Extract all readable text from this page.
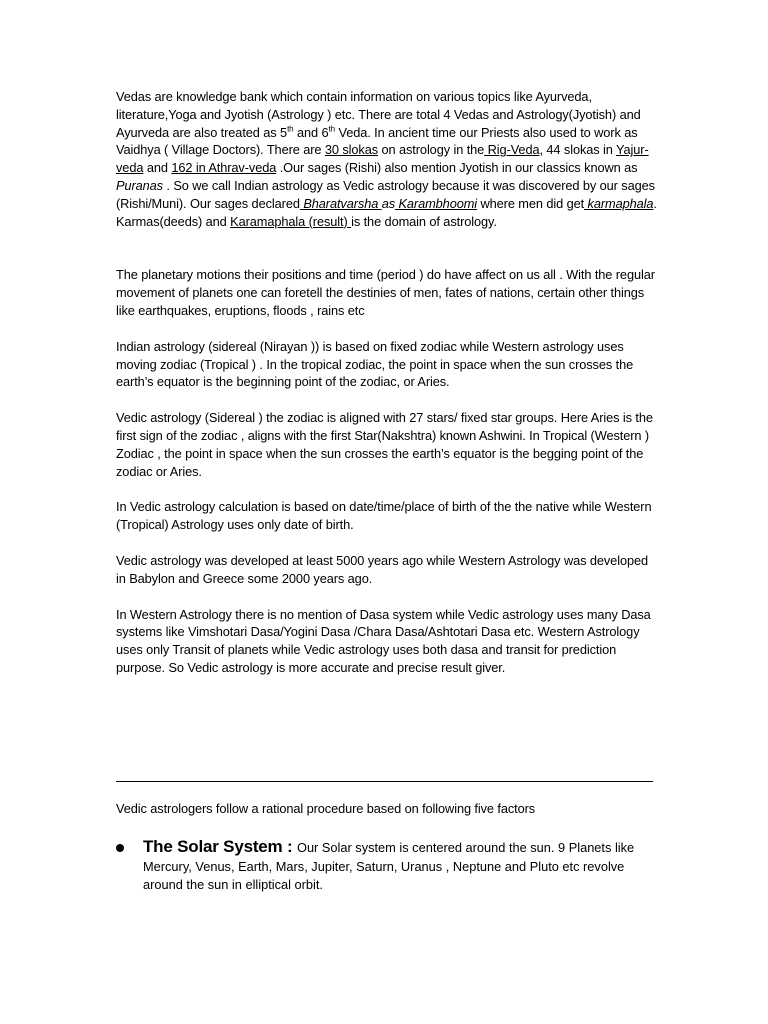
Vedas are knowledge bank which contain information on various topics like Ayurveda, literature,Yoga and Jyotish (Astrology ) etc. There are total 4 Vedas and Astrology(Jyotish) and Ayurveda are also treated as 5th and 6th Veda. In ancient time our Priests also used to work as Vaidhya ( Village Doctors). There are 30 slokas on astrology in the Rig-Veda, 44 slokas in Yajur-veda and 162 in Athrav-veda .Our sages (Rishi) also mention Jyotish in our classics known as Puranas . So we call Indian astrology as Vedic astrology because it was discovered by our sages (Rishi/Muni). Our sages declared Bharatvarsha as Karambhoomi where men did get karmaphala. Karmas(deeds) and Karamaphala (result) is the domain of astrology.

The planetary motions their positions and time (period ) do have affect on us all . With the regular movement of planets one can foretell the destinies of men, fates of nations, certain other things like earthquakes, eruptions, floods , rains etc

Indian astrology (sidereal (Nirayan )) is based on fixed zodiac while Western astrology uses moving zodiac (Tropical ) . In the tropical zodiac, the point in space when the sun crosses the earth’s equator is the beginning point of the zodiac, or Aries.

Vedic astrology (Sidereal ) the zodiac is aligned with 27 stars/ fixed star groups. Here Aries is the first sign of the zodiac , aligns with the first Star(Nakshtra) known Ashwini. In Tropical (Western ) Zodiac , the point in space when the sun crosses the earth’s equator is the begging point of the zodiac or Aries.

In Vedic astrology calculation is based on date/time/place of birth of the the native while Western (Tropical) Astrology uses only date of birth.

Vedic astrology was developed at least 5000 years ago while Western Astrology was developed in Babylon and Greece some 2000 years ago.

In Western Astrology there is no mention of Dasa system while Vedic astrology uses many Dasa systems like Vimshotari Dasa/Yogini Dasa /Chara Dasa/Ashtotari Dasa etc. Western Astrology uses only Transit of planets while Vedic astrology uses both dasa and transit for prediction purpose. So Vedic astrology is more accurate and precise result giver.

Vedic astrologers follow a rational procedure based on following five factors

The Solar System : Our Solar system is centered around the sun. 9 Planets like Mercury, Venus, Earth, Mars, Jupiter, Saturn, Uranus , Neptune and Pluto etc revolve around the sun in elliptical orbit.
